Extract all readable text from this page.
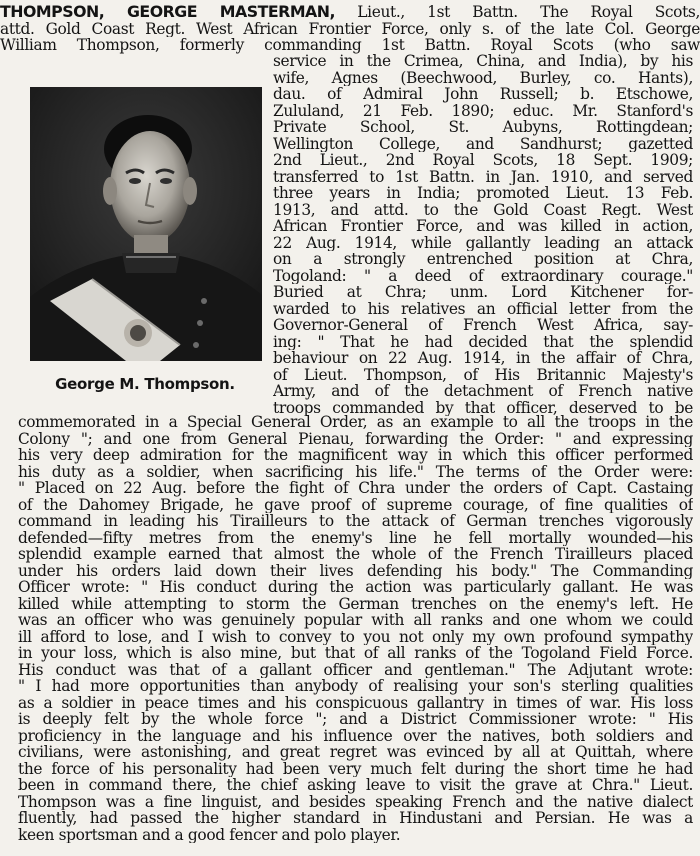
THOMPSON, GEORGE MASTERMAN, Lieut., 1st Battn. The Royal Scots,
attd. Gold Coast Regt. West African Frontier Force, only s. of the late Col. George
William Thompson, formerly commanding 1st Battn. Royal Scots (who saw
George M. Thompson.
service in the Crimea, China, and India), by his
wife, Agnes (Beechwood, Burley, co. Hants),
dau. of Admiral John Russell; b. Etschowe,
Zululand, 21 Feb. 1890; educ. Mr. Stanford's
Private School, St. Aubyns, Rottingdean;
Wellington College, and Sandhurst; gazetted
2nd Lieut., 2nd Royal Scots, 18 Sept. 1909;
transferred to 1st Battn. in Jan. 1910, and served
three years in India; promoted Lieut. 13 Feb.
1913, and attd. to the Gold Coast Regt. West
African Frontier Force, and was killed in action,
22 Aug. 1914, while gallantly leading an attack
on a strongly entrenched position at Chra,
Togoland: " a deed of extraordinary courage."
Buried at Chra; unm. Lord Kitchener for-
warded to his relatives an official letter from the
Governor-General of French West Africa, say-
ing: " That he had decided that the splendid
behaviour on 22 Aug. 1914, in the affair of Chra,
of Lieut. Thompson, of His Britannic Majesty's
Army, and of the detachment of French native
troops commanded by that officer, deserved to be
commemorated in a Special General Order, as an example to all the troops in the
Colony "; and one from General Pienau, forwarding the Order: " and expressing
his very deep admiration for the magnificent way in which this officer performed
his duty as a soldier, when sacrificing his life." The terms of the Order were:
" Placed on 22 Aug. before the fight of Chra under the orders of Capt. Castaing
of the Dahomey Brigade, he gave proof of supreme courage, of fine qualities of
command in leading his Tirailleurs to the attack of German trenches vigorously
defended—fifty metres from the enemy's line he fell mortally wounded—his
splendid example earned that almost the whole of the French Tirailleurs placed
under his orders laid down their lives defending his body." The Commanding
Officer wrote: " His conduct during the action was particularly gallant. He was
killed while attempting to storm the German trenches on the enemy's left. He
was an officer who was genuinely popular with all ranks and one whom we could
ill afford to lose, and I wish to convey to you not only my own profound sympathy
in your loss, which is also mine, but that of all ranks of the Togoland Field Force.
His conduct was that of a gallant officer and gentleman." The Adjutant wrote:
" I had more opportunities than anybody of realising your son's sterling qualities
as a soldier in peace times and his conspicuous gallantry in times of war. His loss
is deeply felt by the whole force "; and a District Commissioner wrote: " His
proficiency in the language and his influence over the natives, both soldiers and
civilians, were astonishing, and great regret was evinced by all at Quittah, where
the force of his personality had been very much felt during the short time he had
been in command there, the chief asking leave to visit the grave at Chra." Lieut.
Thompson was a fine linguist, and besides speaking French and the native dialect
fluently, had passed the higher standard in Hindustani and Persian. He was a
keen sportsman and a good fencer and polo player.
